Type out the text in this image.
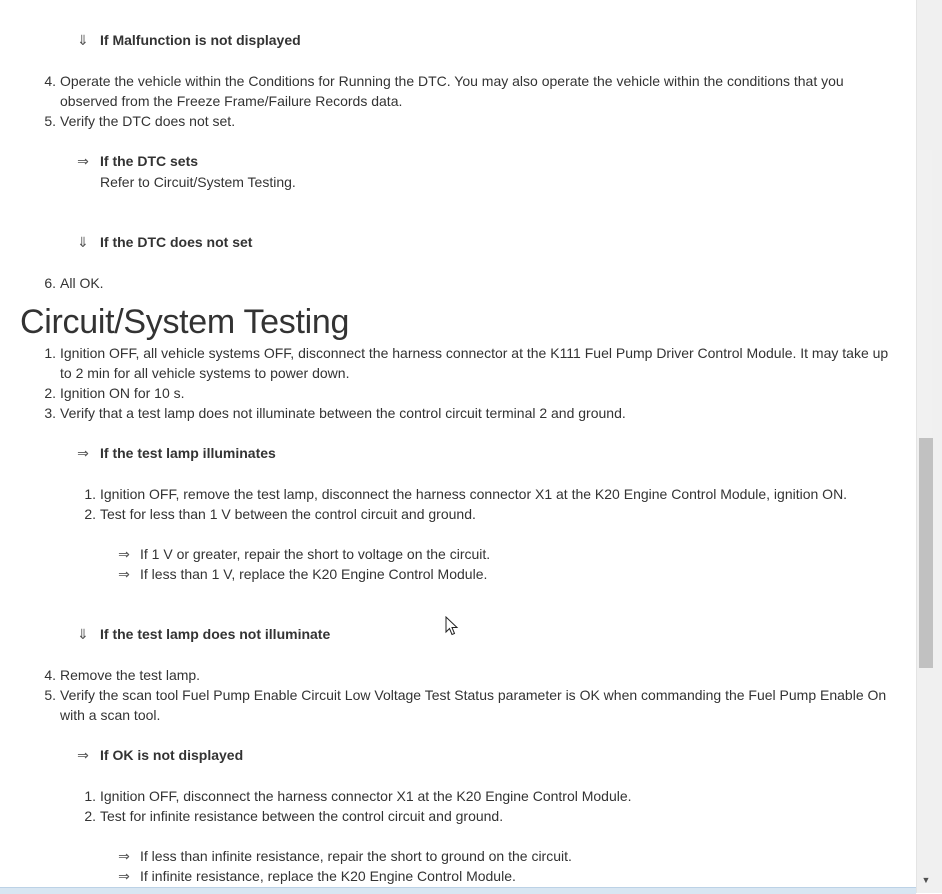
⇓ If Malfunction is not displayed
4. Operate the vehicle within the Conditions for Running the DTC. You may also operate the vehicle within the conditions that you
observed from the Freeze Frame/Failure Records data.
5. Verify the DTC does not set.
⇒ If the DTC sets
Refer to Circuit/System Testing.
⇓ If the DTC does not set
6. All OK.
Circuit/System Testing
1. Ignition OFF, all vehicle systems OFF, disconnect the harness connector at the K111 Fuel Pump Driver Control Module. It may take up
to 2 min for all vehicle systems to power down.
2. Ignition ON for 10 s.
3. Verify that a test lamp does not illuminate between the control circuit terminal 2 and ground.
⇒ If the test lamp illuminates
1. Ignition OFF, remove the test lamp, disconnect the harness connector X1 at the K20 Engine Control Module, ignition ON.
2. Test for less than 1 V between the control circuit and ground.
⇒ If 1 V or greater, repair the short to voltage on the circuit.
⇒ If less than 1 V, replace the K20 Engine Control Module.
⇓ If the test lamp does not illuminate
4. Remove the test lamp.
5. Verify the scan tool Fuel Pump Enable Circuit Low Voltage Test Status parameter is OK when commanding the Fuel Pump Enable On
with a scan tool.
⇒ If OK is not displayed
1. Ignition OFF, disconnect the harness connector X1 at the K20 Engine Control Module.
2. Test for infinite resistance between the control circuit and ground.
⇒ If less than infinite resistance, repair the short to ground on the circuit.
⇒ If infinite resistance, replace the K20 Engine Control Module.	▼
